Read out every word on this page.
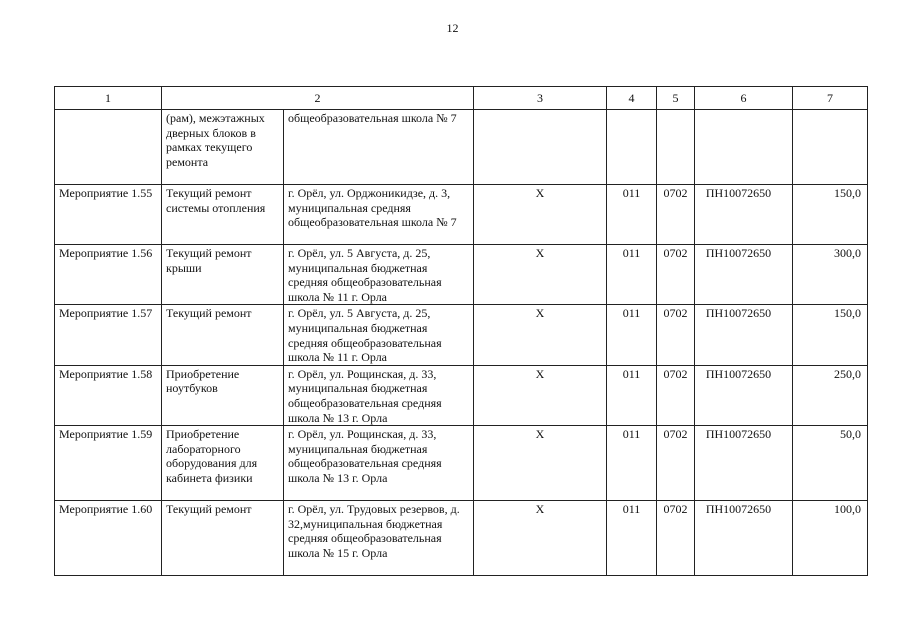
12
1	2		3	4	5	6	7
	(рам), межэтажных дверных блоков в рамках текущего ремонта	общеобразовательная школа № 7					
Мероприятие 1.55	Текущий ремонт системы отопления	г. Орёл, ул. Орджоникидзе, д. 3, муниципальная средняя общеобразовательная школа № 7	Х	011	0702	ПН10072650	150,0
Мероприятие 1.56	Текущий ремонт крыши	г. Орёл, ул. 5 Августа, д. 25, муниципальная бюджетная средняя общеобразовательная школа № 11 г. Орла	Х	011	0702	ПН10072650	300,0
Мероприятие 1.57	Текущий ремонт	г. Орёл, ул. 5 Августа, д. 25, муниципальная бюджетная средняя общеобразовательная школа № 11 г. Орла	Х	011	0702	ПН10072650	150,0
Мероприятие 1.58	Приобретение ноутбуков	г. Орёл, ул. Рощинская, д. 33, муниципальная бюджетная общеобразовательная средняя школа № 13 г. Орла	Х	011	0702	ПН10072650	250,0
Мероприятие 1.59	Приобретение лабораторного оборудования для кабинета физики	г. Орёл, ул. Рощинская, д. 33, муниципальная бюджетная общеобразовательная средняя школа № 13 г. Орла	Х	011	0702	ПН10072650	50,0
Мероприятие 1.60	Текущий ремонт	г. Орёл, ул. Трудовых резервов, д. 32,муниципальная бюджетная средняя общеобразовательная школа № 15 г. Орла	Х	011	0702	ПН10072650	100,0
